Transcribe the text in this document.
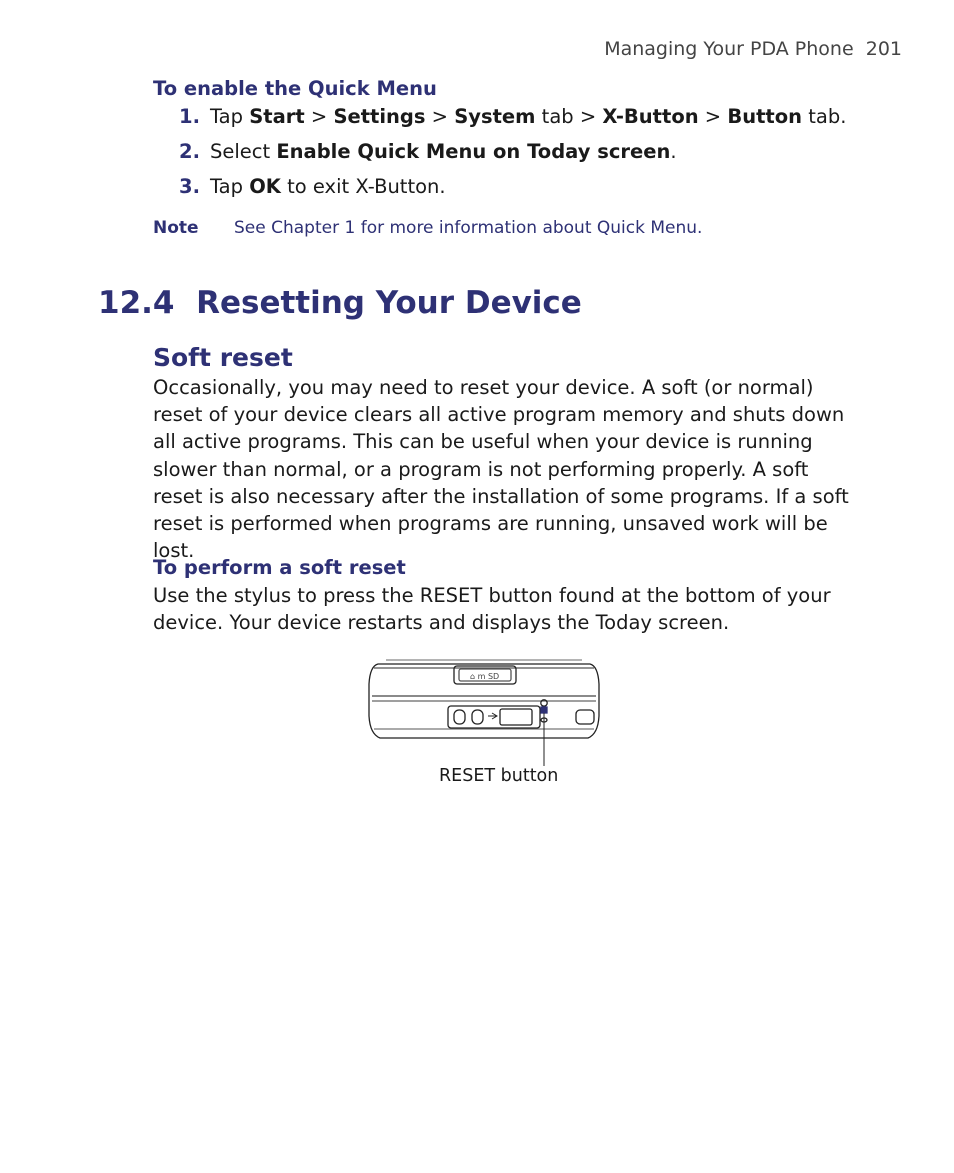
Managing Your PDA Phone 201
To enable the Quick Menu
1. Tap Start > Settings > System tab > X-Button > Button tab.
2. Select Enable Quick Menu on Today screen.
3. Tap OK to exit X-Button.
Note See Chapter 1 for more information about Quick Menu.
12.4 Resetting Your Device
Soft reset
Occasionally, you may need to reset your device. A soft (or normal) reset of your device clears all active program memory and shuts down all active programs. This can be useful when your device is running slower than normal, or a program is not performing properly. A soft reset is also necessary after the installation of some programs. If a soft reset is performed when programs are running, unsaved work will be lost.
To perform a soft reset
Use the stylus to press the RESET button found at the bottom of your device. Your device restarts and displays the Today screen.
⌂ m SD
RESET button
